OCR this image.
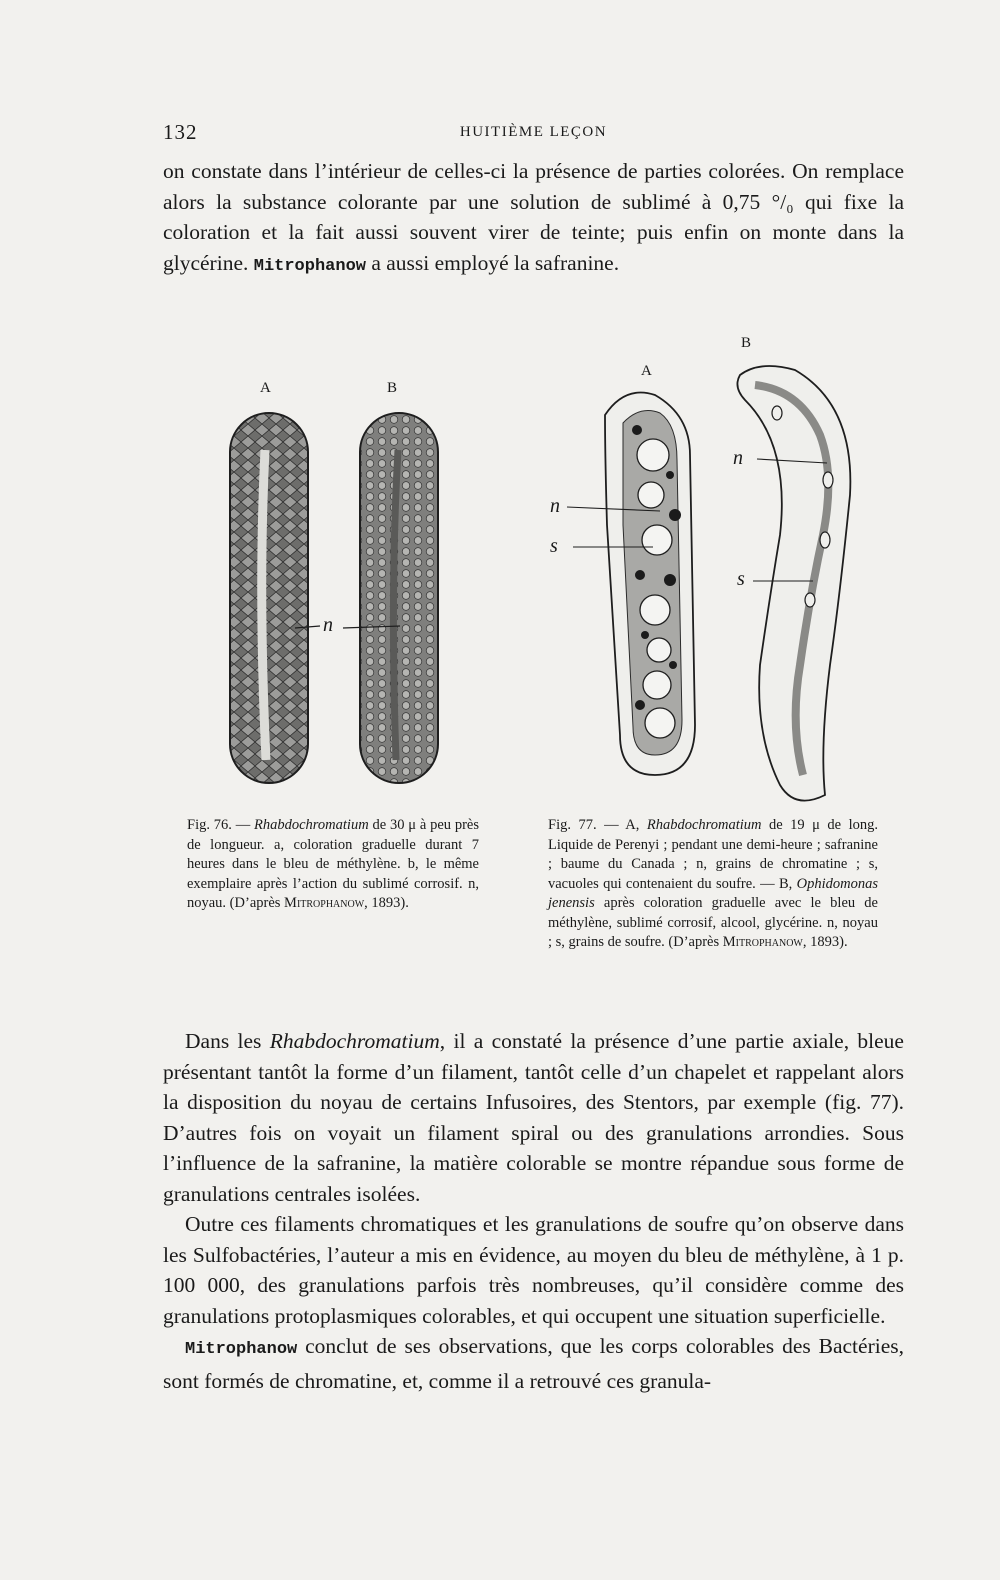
132	HUITIÈME LEÇON

on constate dans l’intérieur de celles-ci la présence de parties colorées. On remplace alors la substance colorante par une solution de sublimé à 0,75 °/₀ qui fixe la coloration et la fait aussi souvent virer de teinte; puis enfin on monte dans la glycérine. Mitrophanow a aussi employé la safranine.

A	B
n
A
B
n
s
n
s

Fig. 76. — Rhabdochromatium de 30 μ à peu près de longueur. a, coloration graduelle durant 7 heures dans le bleu de méthylène. b, le même exemplaire après l’action du sublimé corrosif. n, noyau. (D’après Mitrophanow, 1893).

Fig. 77. — A, Rhabdochromatium de 19 μ de long. Liquide de Perenyi ; pendant une demi-heure ; safranine ; baume du Canada ; n, grains de chromatine ; s, vacuoles qui contenaient du soufre. — B, Ophidomonas jenensis après coloration graduelle avec le bleu de méthylène, sublimé corrosif, alcool, glycérine. n, noyau ; s, grains de soufre. (D’après Mitrophanow, 1893).

Dans les Rhabdochromatium, il a constaté la présence d’une partie axiale, bleue présentant tantôt la forme d’un filament, tantôt celle d’un chapelet et rappelant alors la disposition du noyau de certains Infusoires, des Stentors, par exemple (fig. 77). D’autres fois on voyait un filament spiral ou des granulations arrondies. Sous l’influence de la safranine, la matière colorable se montre répandue sous forme de granulations centrales isolées.
Outre ces filaments chromatiques et les granulations de soufre qu’on observe dans les Sulfobactéries, l’auteur a mis en évidence, au moyen du bleu de méthylène, à 1 p. 100 000, des granulations parfois très nombreuses, qu’il considère comme des granulations protoplasmiques colorables, et qui occupent une situation superficielle.
Mitrophanow conclut de ses observations, que les corps colorables des Bactéries, sont formés de chromatine, et, comme il a retrouvé ces granula-
